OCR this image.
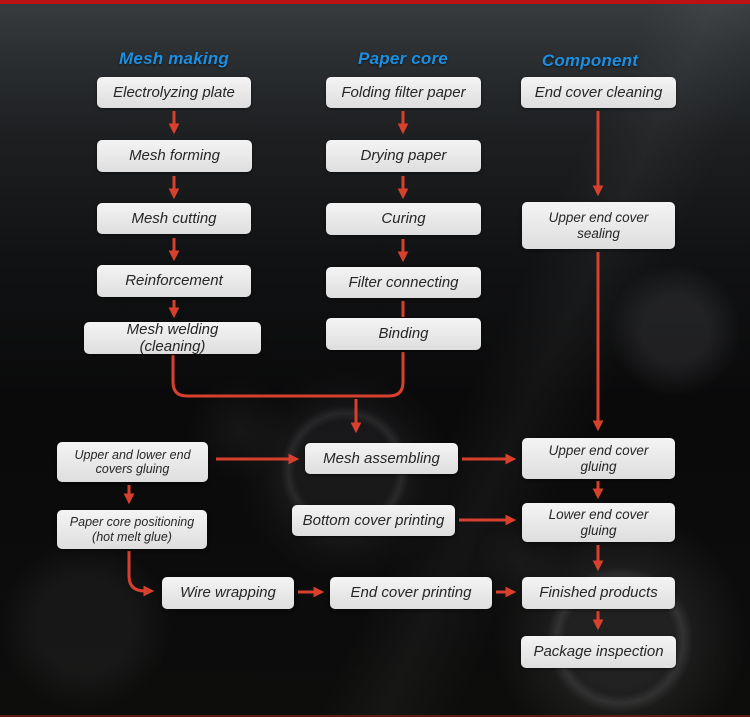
Mesh making	Paper core	Component
Electrolyzing plate
Mesh forming
Mesh cutting
Reinforcement
Mesh welding (cleaning)
Folding filter paper
Drying paper
Curing
Filter connecting
Binding
End cover cleaning
Upper end cover sealing
Upper and lower end covers gluing
Mesh assembling	Upper end cover gluing
Paper core positioning (hot melt glue)
Bottom cover printing	Lower end cover gluing
Wire wrapping	End cover printing	Finished products
Package inspection
